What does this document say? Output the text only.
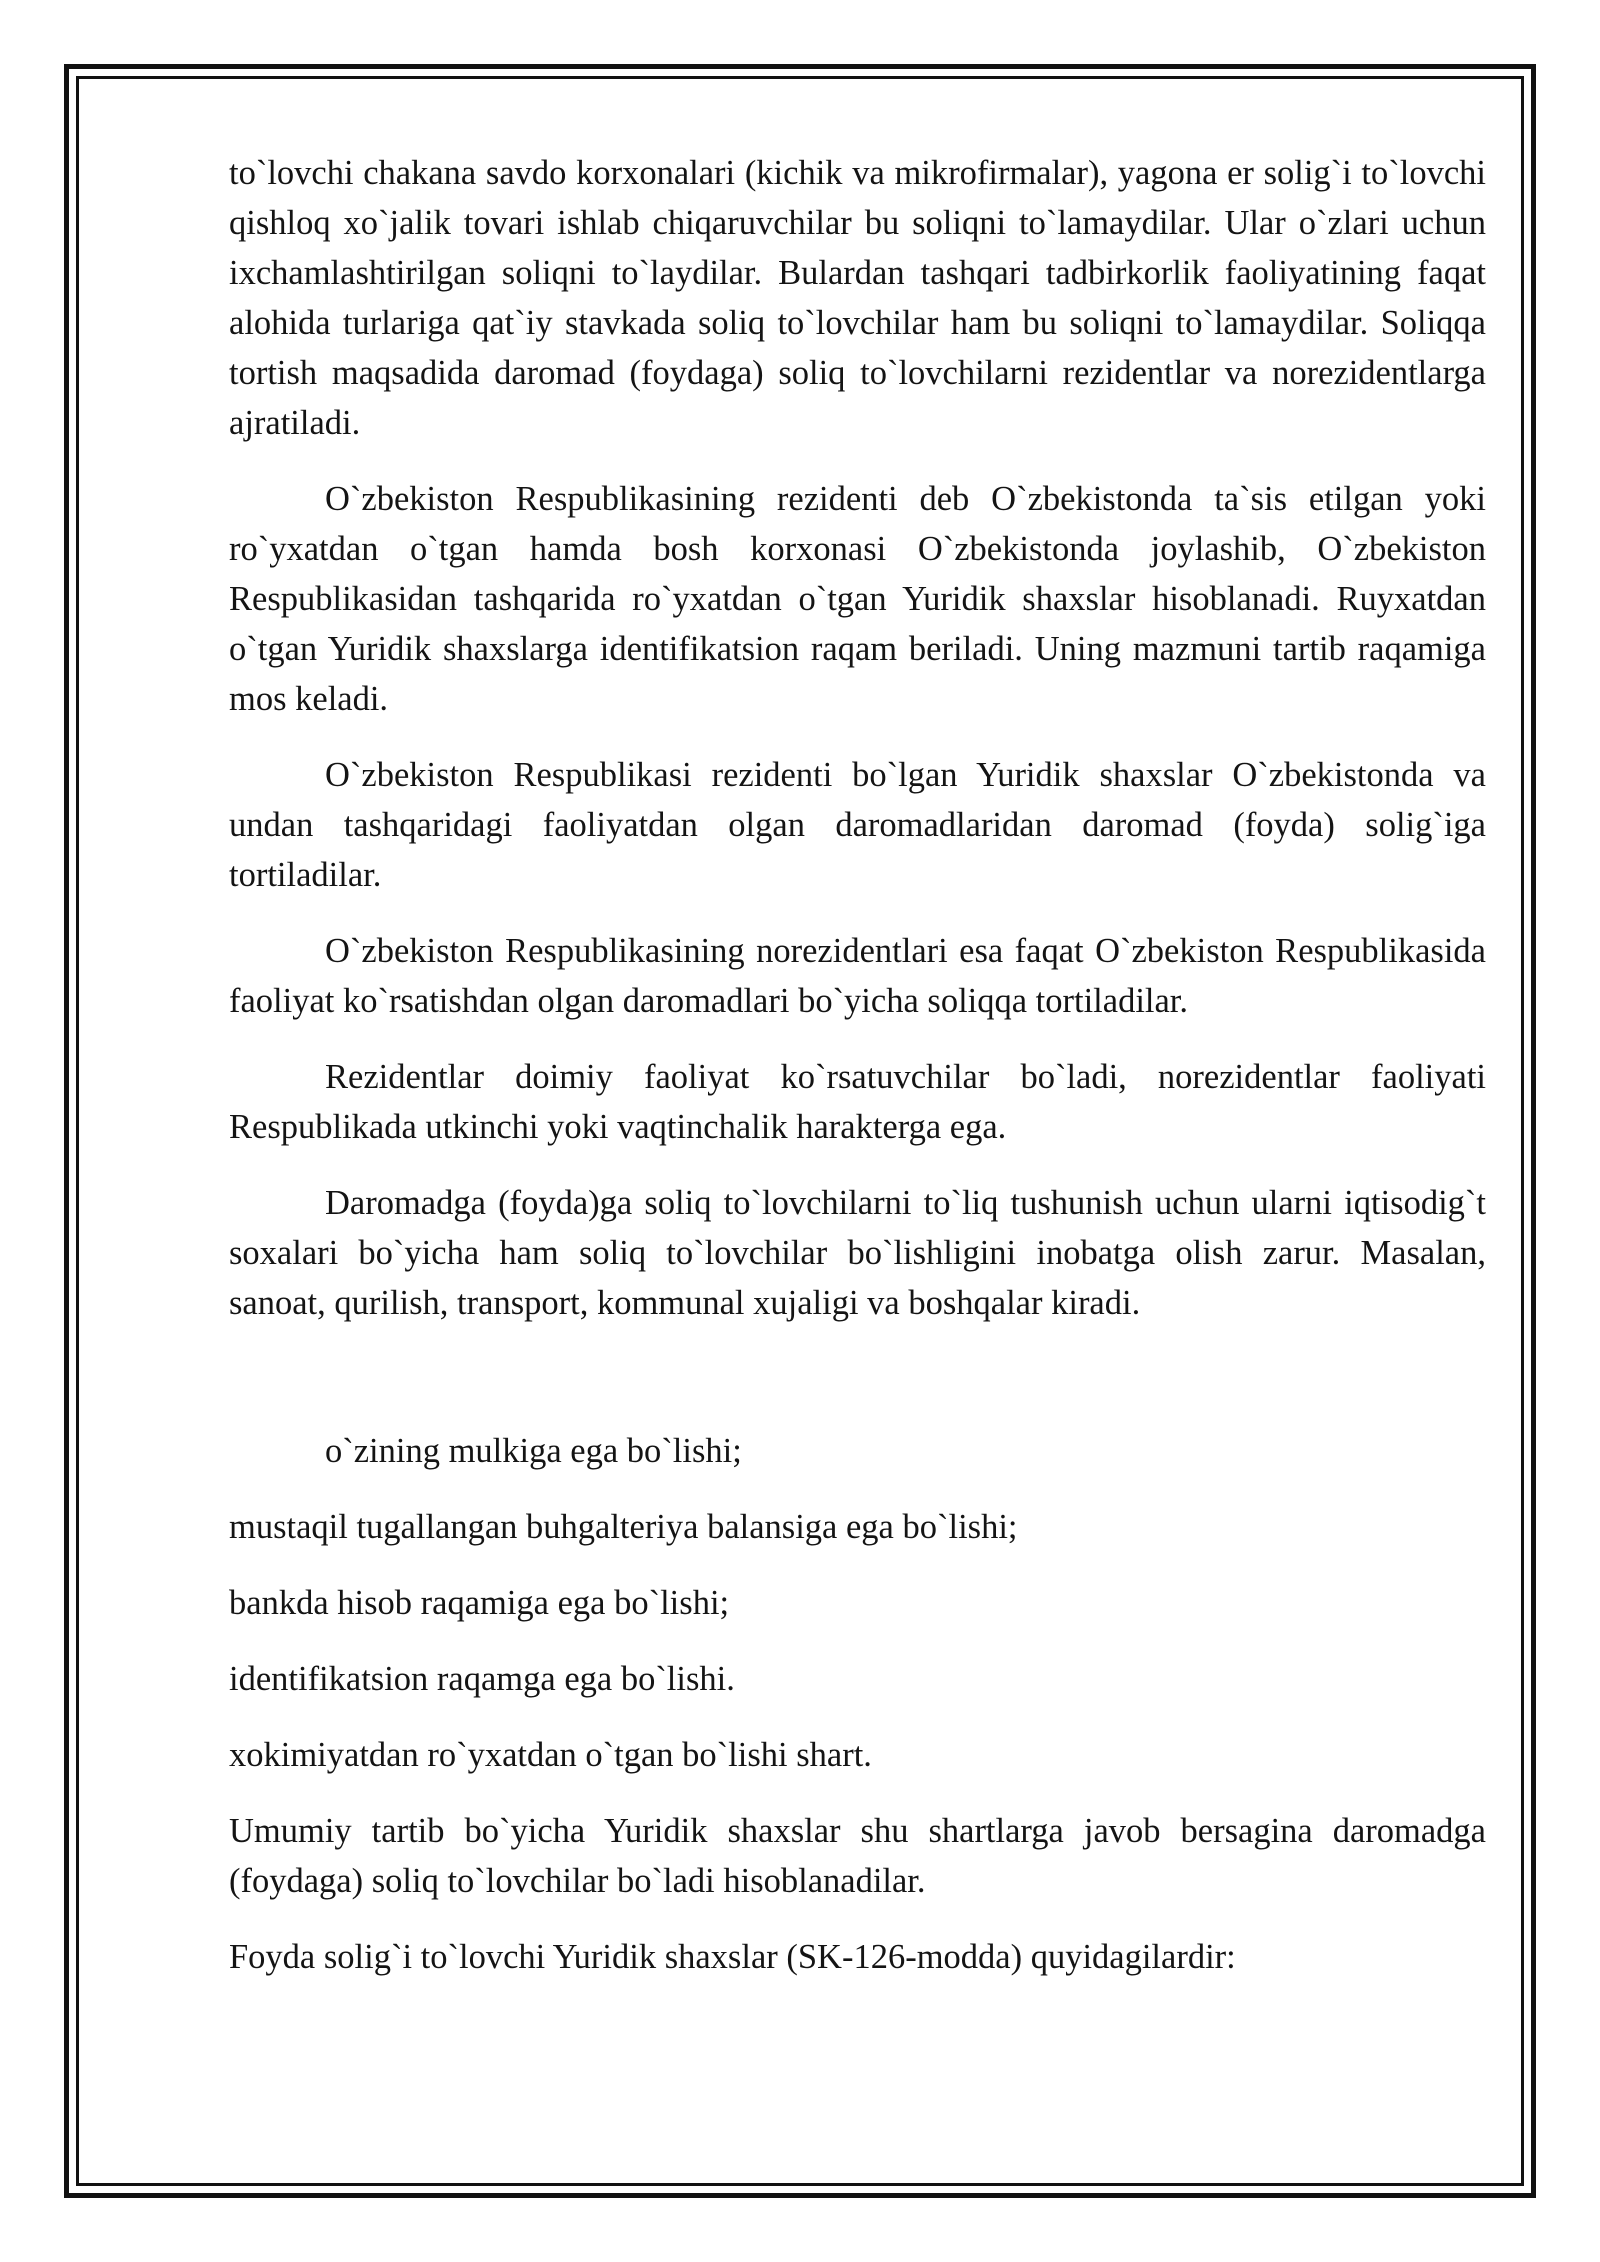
to`lovchi chakana savdo korxonalari (kichik va mikrofirmalar), yagona er solig`i to`lovchi qishloq xo`jalik tovari ishlab chiqaruvchilar bu soliqni to`lamaydilar. Ular o`zlari uchun ixchamlashtirilgan soliqni to`laydilar. Bulardan tashqari tadbirkorlik faoliyatining faqat alohida turlariga qat`iy stavkada soliq to`lovchilar ham bu soliqni to`lamaydilar. Soliqqa tortish maqsadida daromad (foydaga) soliq to`lovchilarni rezidentlar va norezidentlarga ajratiladi.

O`zbekiston Respublikasining rezidenti deb O`zbekistonda ta`sis etilgan yoki ro`yxatdan o`tgan hamda bosh korxonasi O`zbekistonda joylashib, O`zbekiston Respublikasidan tashqarida ro`yxatdan o`tgan Yuridik shaxslar hisoblanadi. Ruyxatdan o`tgan Yuridik shaxslarga identifikatsion raqam beriladi. Uning mazmuni tartib raqamiga mos keladi.

O`zbekiston Respublikasi rezidenti bo`lgan Yuridik shaxslar O`zbekistonda va undan tashqaridagi faoliyatdan olgan daromadlaridan daromad (foyda) solig`iga tortiladilar.

O`zbekiston Respublikasining norezidentlari esa faqat O`zbekiston Respublikasida faoliyat ko`rsatishdan olgan daromadlari bo`yicha soliqqa tortiladilar.

Rezidentlar doimiy faoliyat ko`rsatuvchilar bo`ladi, norezidentlar faoliyati Respublikada utkinchi yoki vaqtinchalik harakterga ega.

Daromadga (foyda)ga soliq to`lovchilarni to`liq tushunish uchun ularni iqtisodig`t soxalari bo`yicha ham soliq to`lovchilar bo`lishligini inobatga olish zarur. Masalan, sanoat, qurilish, transport, kommunal xujaligi va boshqalar kiradi.

o`zining mulkiga ega bo`lishi;
mustaqil tugallangan buhgalteriya balansiga ega bo`lishi;
bankda hisob raqamiga ega bo`lishi;
identifikatsion raqamga ega bo`lishi.
xokimiyatdan ro`yxatdan o`tgan bo`lishi shart.

Umumiy tartib bo`yicha Yuridik shaxslar shu shartlarga javob bersagina daromadga (foydaga) soliq to`lovchilar bo`ladi hisoblanadilar.

Foyda solig`i to`lovchi Yuridik shaxslar (SK-126-modda) quyidagilardir:
